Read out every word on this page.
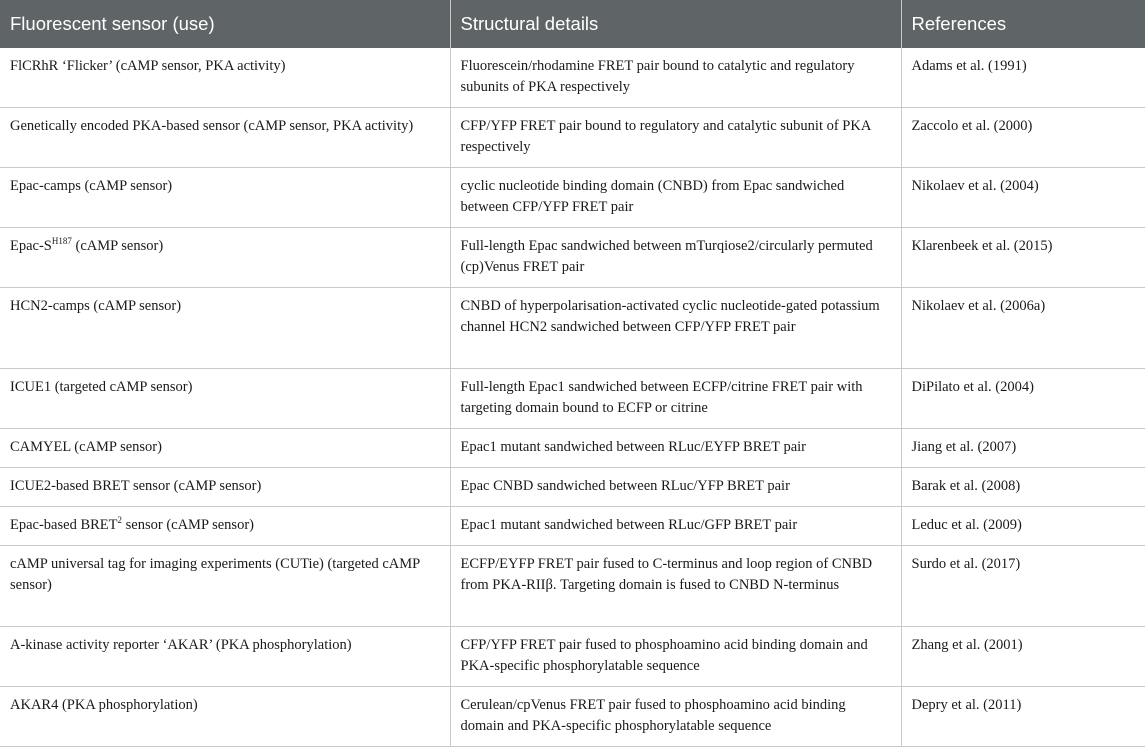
Fluorescent sensor (use)	Structural details	References
FlCRhR ‘Flicker’ (cAMP sensor, PKA activity)	Fluorescein/rhodamine FRET pair bound to catalytic and regulatory subunits of PKA respectively	Adams et al. (1991)
Genetically encoded PKA-based sensor (cAMP sensor, PKA activity)	CFP/YFP FRET pair bound to regulatory and catalytic subunit of PKA respectively	Zaccolo et al. (2000)
Epac-camps (cAMP sensor)	cyclic nucleotide binding domain (CNBD) from Epac sandwiched between CFP/YFP FRET pair	Nikolaev et al. (2004)
Epac-$S^{H187}$ (cAMP sensor)	Full-length Epac sandwiched between mTurqiose2/circularly permuted (cp)Venus FRET pair	Klarenbeek et al. (2015)
HCN2-camps (cAMP sensor)	CNBD of hyperpolarisation-activated cyclic nucleotide-gated potassium channel HCN2 sandwiched between CFP/YFP FRET pair	Nikolaev et al. (2006a)
ICUE1 (targeted cAMP sensor)	Full-length Epac1 sandwiched between ECFP/citrine FRET pair with targeting domain bound to ECFP or citrine	DiPilato et al. (2004)
CAMYEL (cAMP sensor)	Epac1 mutant sandwiched between RLuc/EYFP BRET pair	Jiang et al. (2007)
ICUE2-based BRET sensor (cAMP sensor)	Epac CNBD sandwiched between RLuc/YFP BRET pair	Barak et al. (2008)
Epac-based BRET$^2$ sensor (cAMP sensor)	Epac1 mutant sandwiched between RLuc/GFP BRET pair	Leduc et al. (2009)
cAMP universal tag for imaging experiments (CUTie) (targeted cAMP sensor)	ECFP/EYFP FRET pair fused to C-terminus and loop region of CNBD from PKA-RIIβ. Targeting domain is fused to CNBD N-terminus	Surdo et al. (2017)
A-kinase activity reporter ‘AKAR’ (PKA phosphorylation)	CFP/YFP FRET pair fused to phosphoamino acid binding domain and PKA-specific phosphorylatable sequence	Zhang et al. (2001)
AKAR4 (PKA phosphorylation)	Cerulean/cpVenus FRET pair fused to phosphoamino acid binding domain and PKA-specific phosphorylatable sequence	Depry et al. (2011)
